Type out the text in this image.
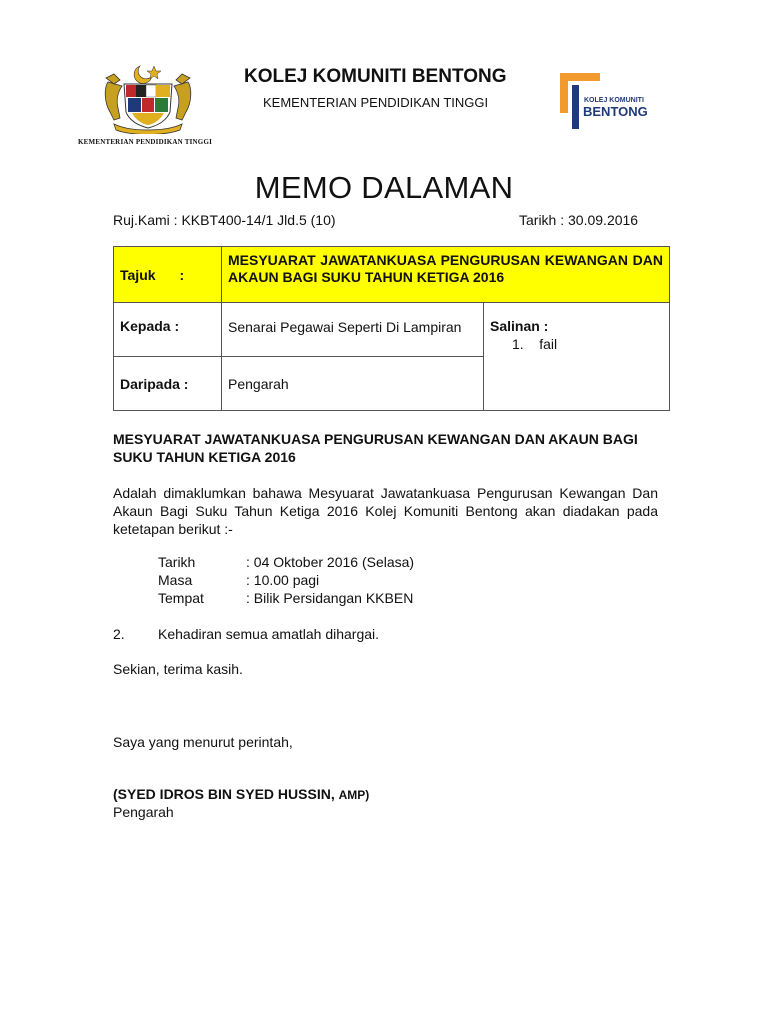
KEMENTERIAN PENDIDIKAN TINGGI
KOLEJ KOMUNITI BENTONG
KEMENTERIAN PENDIDIKAN TINGGI	KOLEJ KOMUNITI
BENTONG
MEMO DALAMAN
Ruj.Kami : KKBT400-14/1 Jld.5 (10)	Tarikh : 30.09.2016
Tajuk :	MESYUARAT JAWATANKUASA PENGURUSAN KEWANGAN DAN AKAUN BAGI SUKU TAHUN KETIGA 2016	
Kepada :	Senarai Pegawai Seperti Di Lampiran	Salinan :
1.    fail

Daripada :	Pengarah	
MESYUARAT JAWATANKUASA PENGURUSAN KEWANGAN DAN AKAUN BAGI SUKU TAHUN KETIGA 2016
Adalah dimaklumkan bahawa Mesyuarat Jawatankuasa Pengurusan Kewangan Dan Akaun Bagi Suku Tahun Ketiga 2016 Kolej Komuniti Bentong akan diadakan pada ketetapan berikut :-
Tarikh	: 04 Oktober 2016 (Selasa)
Masa	: 10.00 pagi
Tempat	: Bilik Persidangan KKBEN
2. Kehadiran semua amatlah dihargai.
Sekian, terima kasih.
Saya yang menurut perintah,
(SYED IDROS BIN SYED HUSSIN, AMP)
Pengarah
